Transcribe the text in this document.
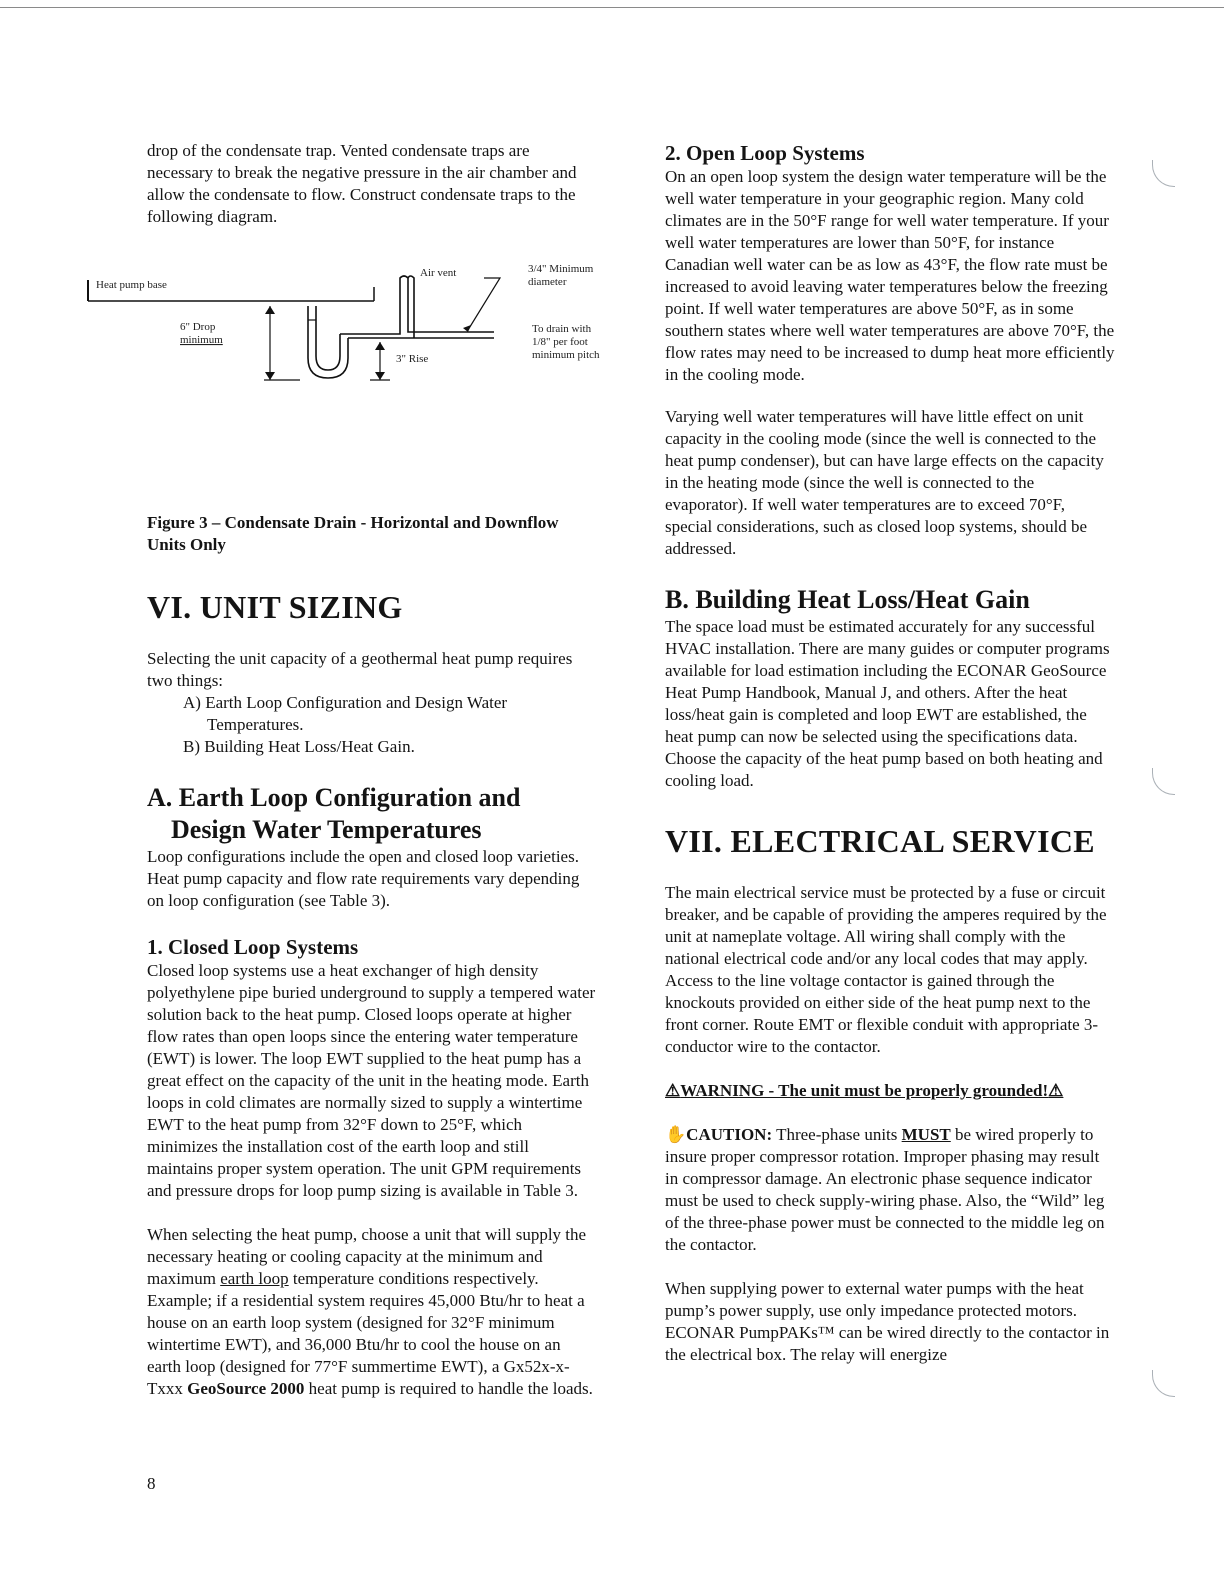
drop of the condensate trap. Vented condensate traps are necessary to break the negative pressure in the air chamber and allow the condensate to flow. Construct condensate traps to the following diagram.

Figure 3 – Condensate Drain - Horizontal and Downflow Units Only

VI. UNIT SIZING

Selecting the unit capacity of a geothermal heat pump requires two things:

A) Earth Loop Configuration and Design Water Temperatures.

B) Building Heat Loss/Heat Gain.

A. Earth Loop Configuration and
Design Water Temperatures

Loop configurations include the open and closed loop varieties. Heat pump capacity and flow rate requirements vary depending on loop configuration (see Table 3).

1. Closed Loop Systems

Closed loop systems use a heat exchanger of high density polyethylene pipe buried underground to supply a tempered water solution back to the heat pump. Closed loops operate at higher flow rates than open loops since the entering water temperature (EWT) is lower. The loop EWT supplied to the heat pump has a great effect on the capacity of the unit in the heating mode. Earth loops in cold climates are normally sized to supply a wintertime EWT to the heat pump from 32°F down to 25°F, which minimizes the installation cost of the earth loop and still maintains proper system operation. The unit GPM requirements and pressure drops for loop pump sizing is available in Table 3.

When selecting the heat pump, choose a unit that will supply the necessary heating or cooling capacity at the minimum and maximum earth loop temperature conditions respectively. Example; if a residential system requires 45,000 Btu/hr to heat a house on an earth loop system (designed for 32°F minimum wintertime EWT), and 36,000 Btu/hr to cool the house on an earth loop (designed for 77°F summertime EWT), a Gx52x-x-Txxx GeoSource 2000 heat pump is required to handle the loads.

Heat pump base
6" Drop
minimum
Air vent
3" Rise
3/4" Minimum
diameter
To drain with
1/8" per foot
minimum pitch
2. Open Loop Systems

On an open loop system the design water temperature will be the well water temperature in your geographic region. Many cold climates are in the 50°F range for well water temperature. If your well water temperatures are lower than 50°F, for instance Canadian well water can be as low as 43°F, the flow rate must be increased to avoid leaving water temperatures below the freezing point. If well water temperatures are above 50°F, as in some southern states where well water temperatures are above 70°F, the flow rates may need to be increased to dump heat more efficiently in the cooling mode.

Varying well water temperatures will have little effect on unit capacity in the cooling mode (since the well is connected to the heat pump condenser), but can have large effects on the capacity in the heating mode (since the well is connected to the evaporator). If well water temperatures are to exceed 70°F, special considerations, such as closed loop systems, should be addressed.

B. Building Heat Loss/Heat Gain

The space load must be estimated accurately for any successful HVAC installation. There are many guides or computer programs available for load estimation including the ECONAR GeoSource Heat Pump Handbook, Manual J, and others. After the heat loss/heat gain is completed and loop EWT are established, the heat pump can now be selected using the specifications data. Choose the capacity of the heat pump based on both heating and cooling load.

VII. ELECTRICAL SERVICE

The main electrical service must be protected by a fuse or circuit breaker, and be capable of providing the amperes required by the unit at nameplate voltage. All wiring shall comply with the national electrical code and/or any local codes that may apply. Access to the line voltage contactor is gained through the knockouts provided on either side of the heat pump next to the front corner. Route EMT or flexible conduit with appropriate 3-conductor wire to the contactor.

⚠WARNING - The unit must be properly grounded!⚠

✋CAUTION: Three-phase units MUST be wired properly to insure proper compressor rotation. Improper phasing may result in compressor damage. An electronic phase sequence indicator must be used to check supply-wiring phase. Also, the “Wild” leg of the three-phase power must be connected to the middle leg on the contactor.

When supplying power to external water pumps with the heat pump’s power supply, use only impedance protected motors. ECONAR PumpPAKs™ can be wired directly to the contactor in the electrical box. The relay will energize

8
